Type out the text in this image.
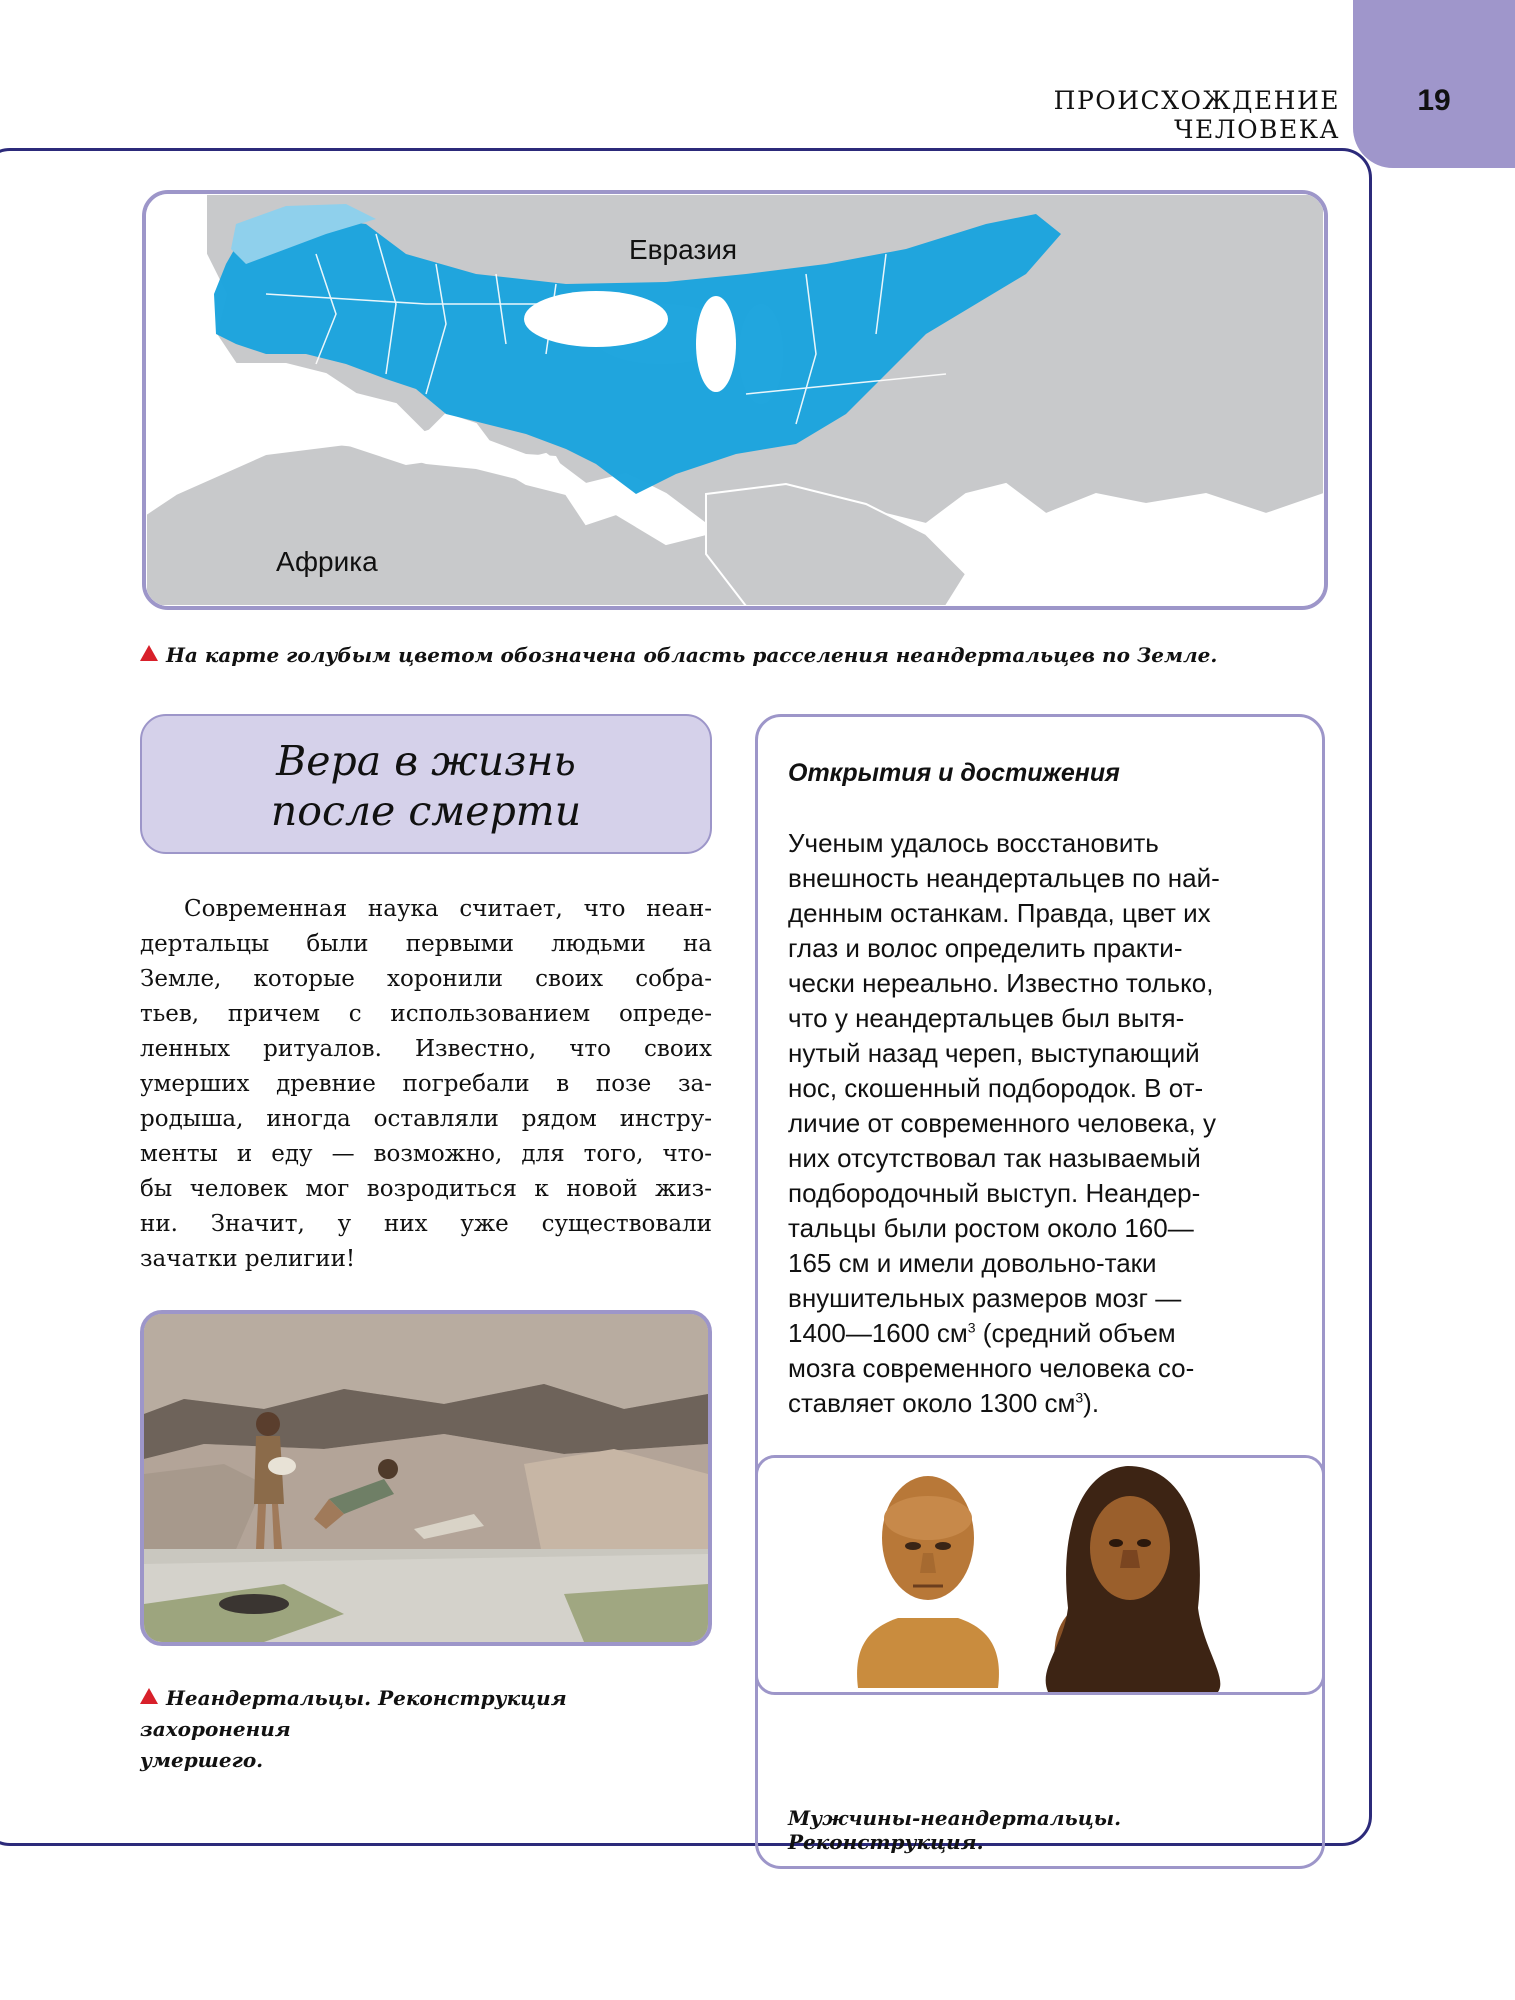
19
ПРОИСХОЖДЕНИЕ ЧЕЛОВЕКА
Евразия
Африка
На карте голубым цветом обозначена область расселения неандертальцев по Земле.
Вера в жизнь
после смерти
Современная наука считает, что неан-
дертальцы были первыми людьми на
Земле, которые хоронили своих собра-
тьев, причем с использованием опреде-
ленных ритуалов. Известно, что своих
умерших древние погребали в позе за-
родыша, иногда оставляли рядом инстру-
менты и еду — возможно, для того, что-
бы человек мог возродиться к новой жиз-
ни. Значит, у них уже существовали
зачатки религии!
Неандертальцы. Реконструкция захоронения
умершего.
Открытия и достижения
Ученым удалось восстановить
внешность неандертальцев по най-
денным останкам. Правда, цвет их
глаз и волос определить практи-
чески нереально. Известно только,
что у неандертальцев был вытя-
нутый назад череп, выступающий
нос, скошенный подбородок. В от-
личие от современного человека, у
них отсутствовал так называемый
подбородочный выступ. Неандер-
тальцы были ростом около 160—
165 см и имели довольно-таки
внушительных размеров мозг —
1400—1600 $см^3$ (средний объем
мозга современного человека со-
ставляет около 1300 $см^3$).
Мужчины-неандертальцы. Реконструкция.
